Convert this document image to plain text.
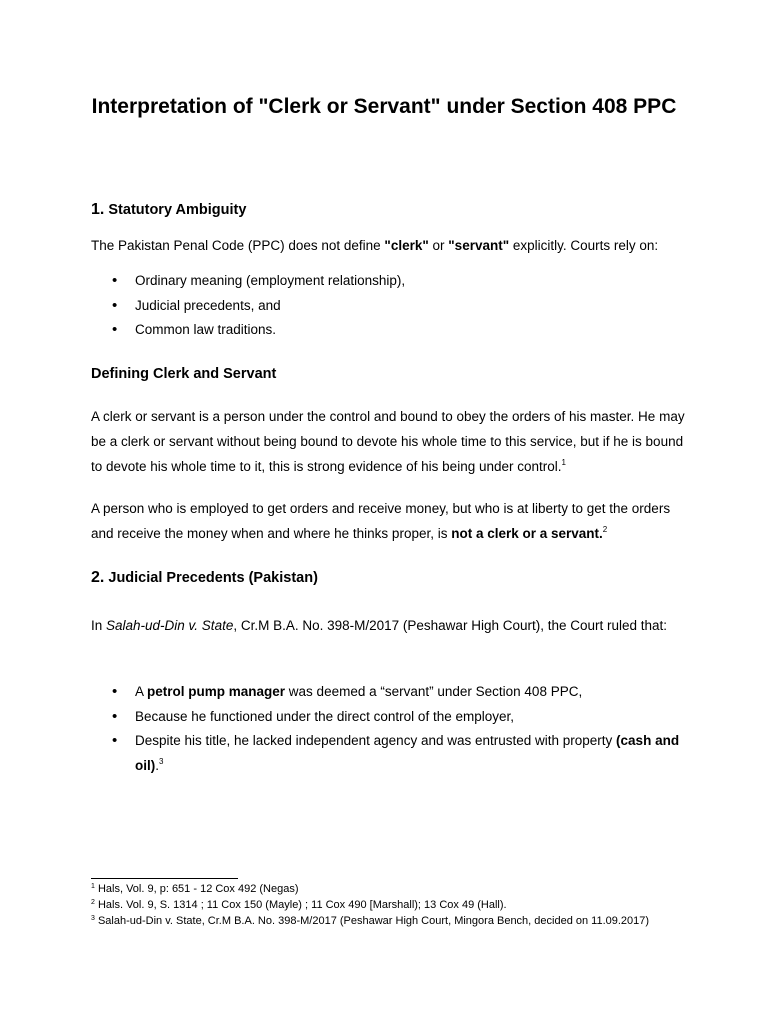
Interpretation of "Clerk or Servant" under Section 408 PPC
1. Statutory Ambiguity
The Pakistan Penal Code (PPC) does not define "clerk" or "servant" explicitly. Courts rely on:
• Ordinary meaning (employment relationship),
• Judicial precedents, and
• Common law traditions.
Defining Clerk and Servant
A clerk or servant is a person under the control and bound to obey the orders of his master. He may be a clerk or servant without being bound to devote his whole time to this service, but if he is bound to devote his whole time to it, this is strong evidence of his being under control.$^1$
A person who is employed to get orders and receive money, but who is at liberty to get the orders and receive the money when and where he thinks proper, is not a clerk or a servant.$^2$
2. Judicial Precedents (Pakistan)
In Salah-ud-Din v. State, Cr.M B.A. No. 398-M/2017 (Peshawar High Court), the Court ruled that:
• A petrol pump manager was deemed a “servant” under Section 408 PPC,
• Because he functioned under the direct control of the employer,
• Despite his title, he lacked independent agency and was entrusted with property (cash and oil).$^3$
$^1$ Hals, Vol. 9, p: 651 - 12 Cox 492 (Negas)
$^2$ Hals. Vol. 9, S. 1314 ; 11 Cox 150 (Mayle) ; 11 Cox 490 [Marshall); 13 Cox 49 (Hall).
$^3$ Salah-ud-Din v. State, Cr.M B.A. No. 398-M/2017 (Peshawar High Court, Mingora Bench, decided on 11.09.2017)
